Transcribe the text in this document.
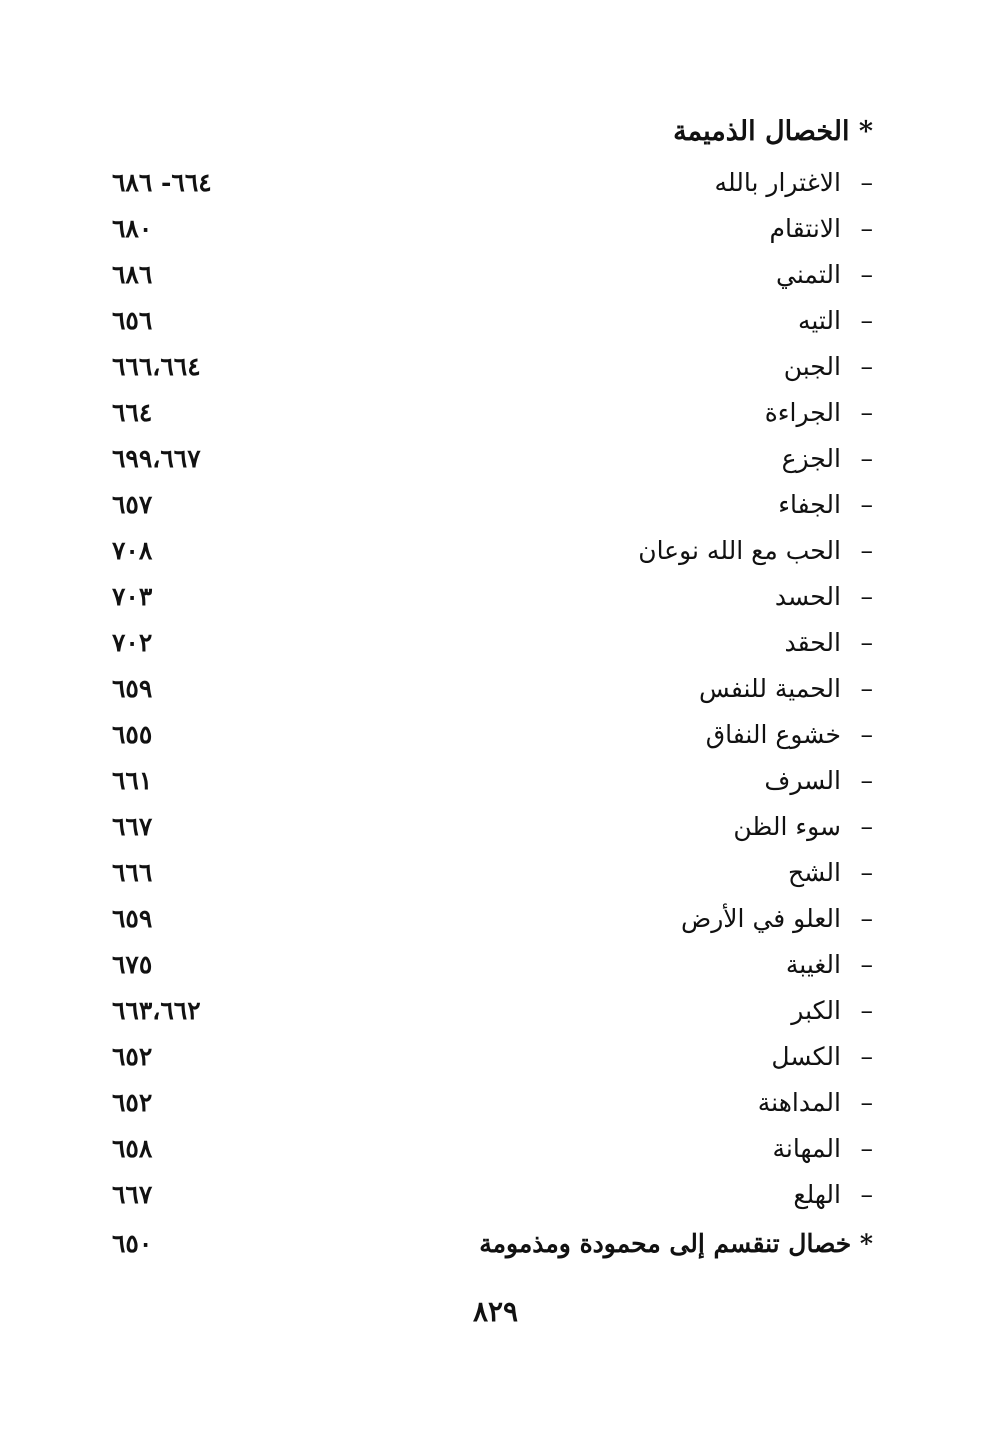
* الخصال الذميمة
–الاغترار بالله
٦٦٤- ٦٨٦
–الانتقام
٦٨٠
–التمني
٦٨٦
–التيه
٦٥٦
–الجبن
٦٦٦،٦٦٤
–الجراءة
٦٦٤
–الجزع
٦٩٩،٦٦٧
–الجفاء
٦٥٧
–الحب مع الله نوعان
٧٠٨
–الحسد
٧٠٣
–الحقد
٧٠٢
–الحمية للنفس
٦٥٩
–خشوع النفاق
٦٥٥
–السرف
٦٦١
–سوء الظن
٦٦٧
–الشح
٦٦٦
–العلو في الأرض
٦٥٩
–الغيبة
٦٧٥
–الكبر
٦٦٣،٦٦٢
–الكسل
٦٥٢
–المداهنة
٦٥٢
–المهانة
٦٥٨
–الهلع
٦٦٧
* خصال تنقسم إلى محمودة ومذمومة
٦٥٠
٨٢٩
